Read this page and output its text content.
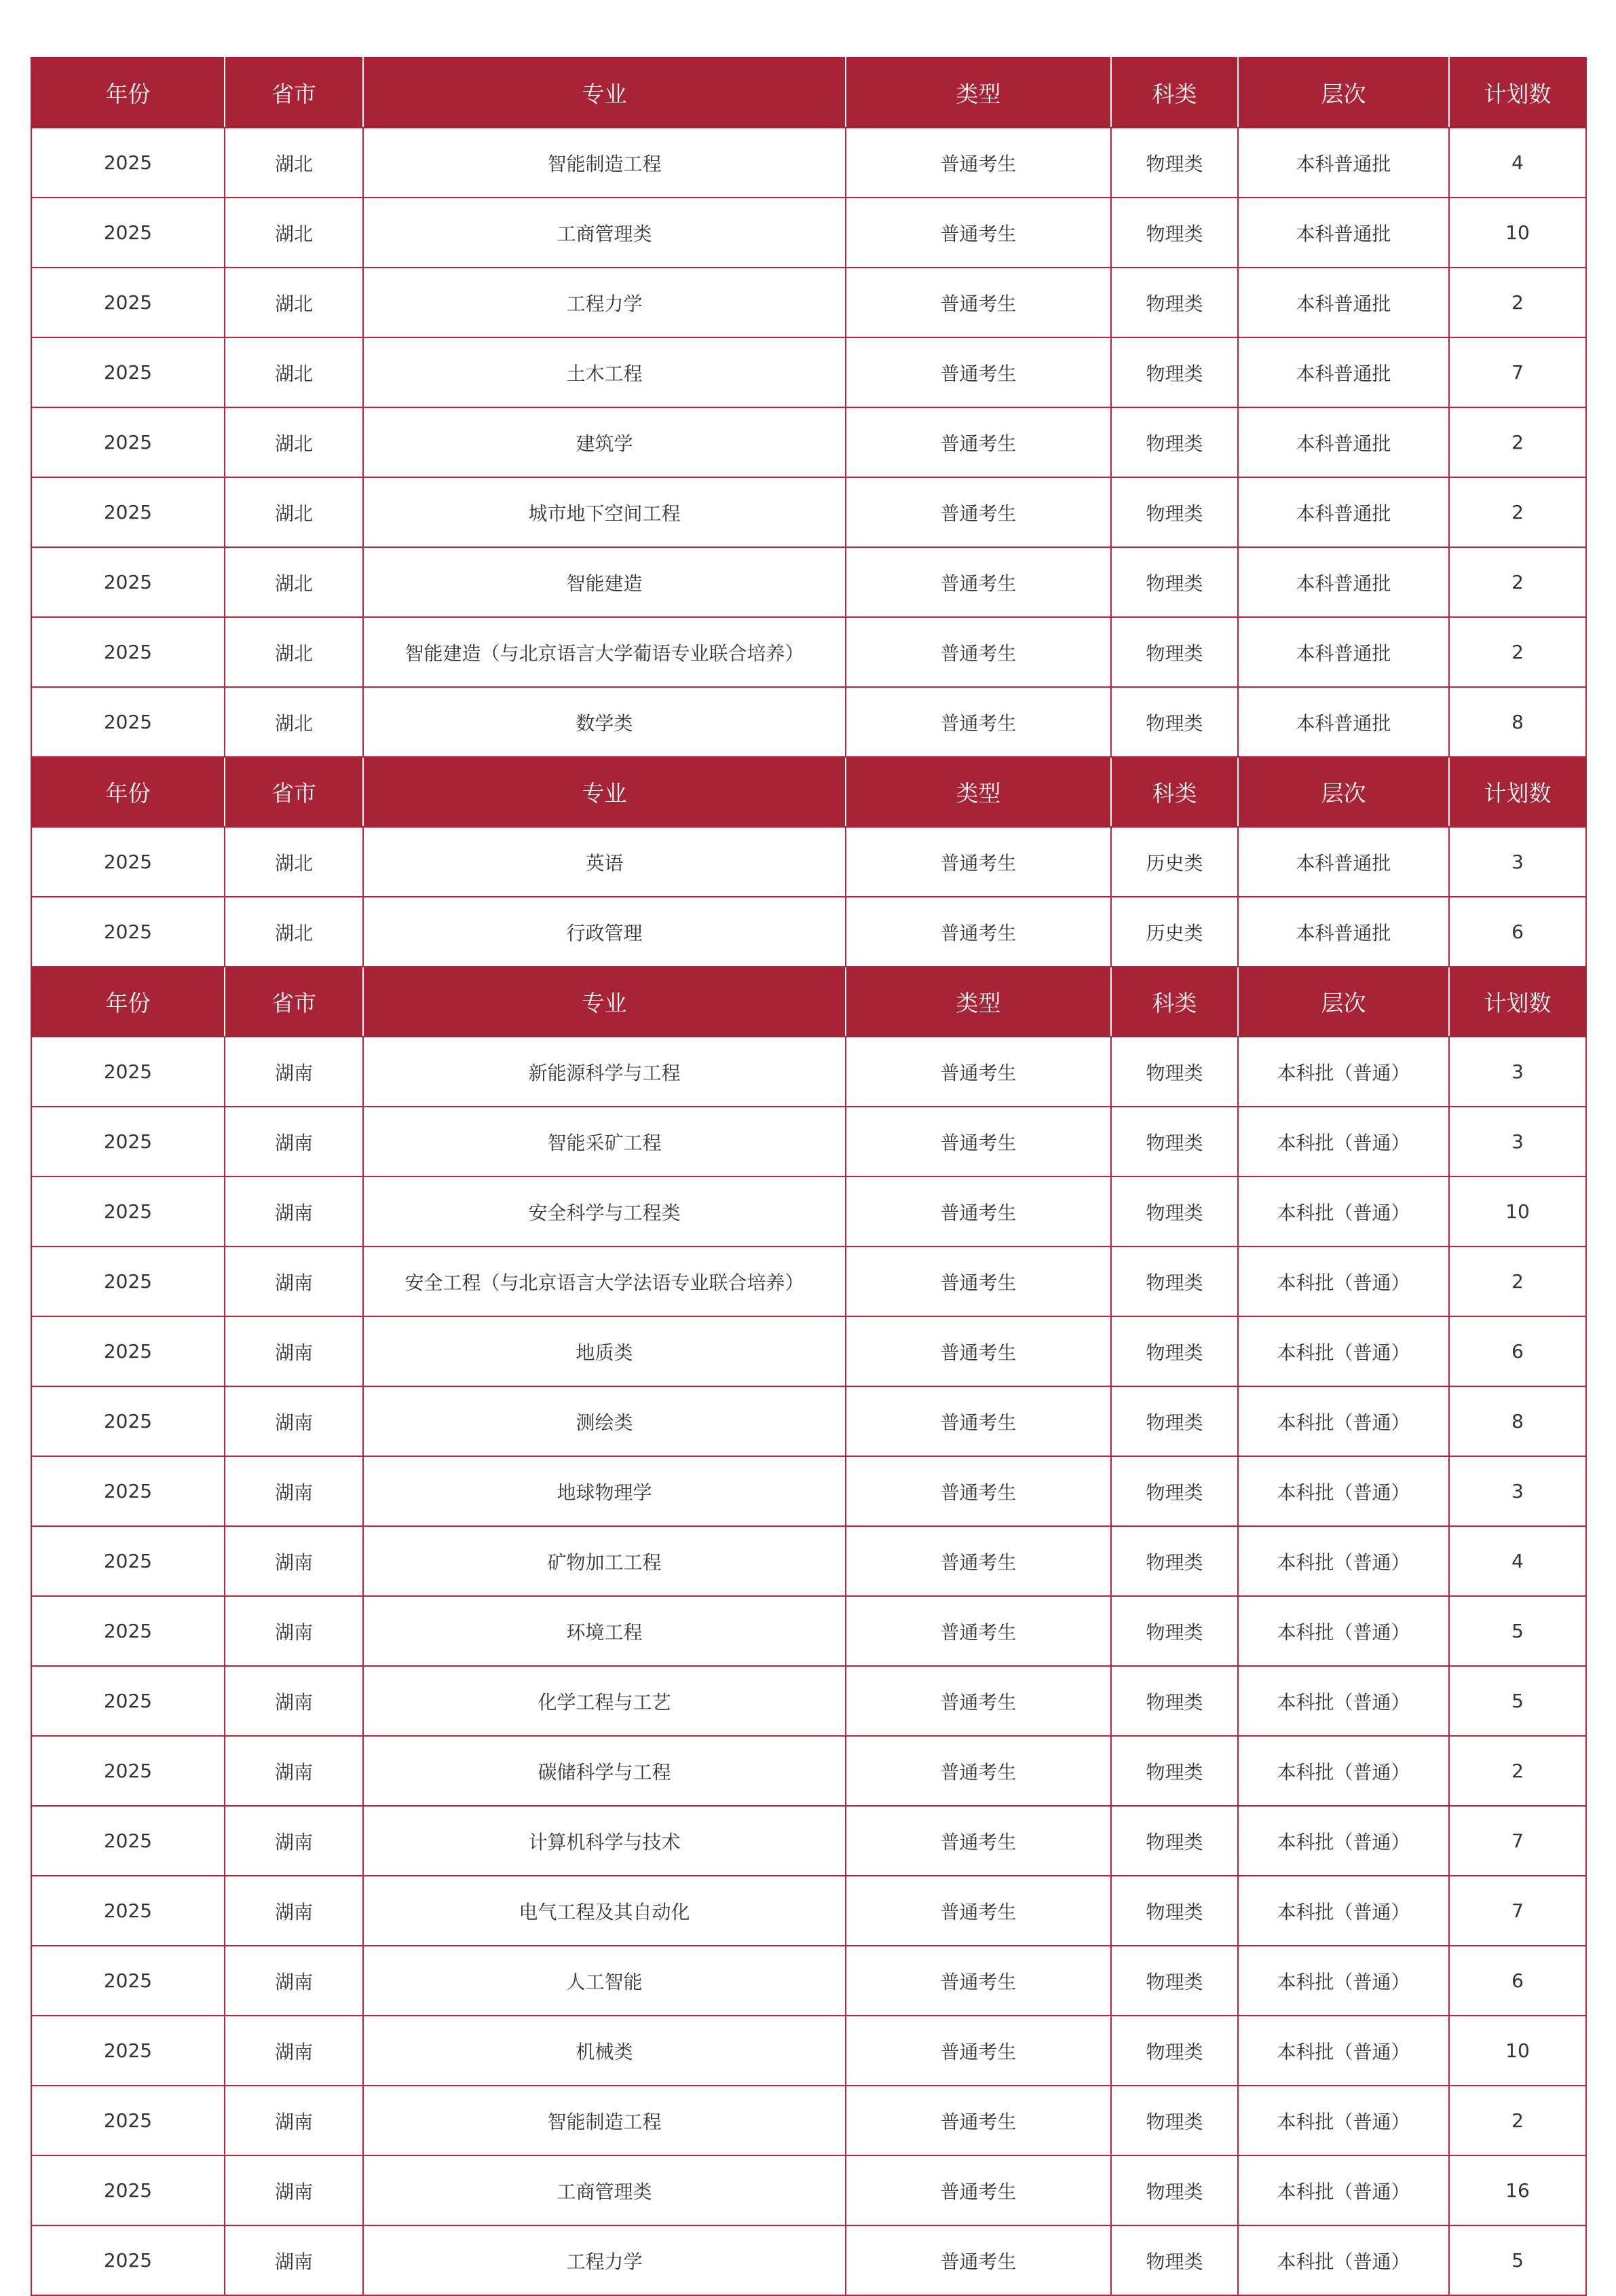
年份	省市	专业	类型	科类	层次	计划数
2025	湖北	智能制造工程	普通考生	物理类	本科普通批	4
2025	湖北	工商管理类	普通考生	物理类	本科普通批	10
2025	湖北	工程力学	普通考生	物理类	本科普通批	2
2025	湖北	土木工程	普通考生	物理类	本科普通批	7
2025	湖北	建筑学	普通考生	物理类	本科普通批	2
2025	湖北	城市地下空间工程	普通考生	物理类	本科普通批	2
2025	湖北	智能建造	普通考生	物理类	本科普通批	2
2025	湖北	智能建造（与北京语言大学葡语专业联合培养）	普通考生	物理类	本科普通批	2
2025	湖北	数学类	普通考生	物理类	本科普通批	8
年份	省市	专业	类型	科类	层次	计划数
2025	湖北	英语	普通考生	历史类	本科普通批	3
2025	湖北	行政管理	普通考生	历史类	本科普通批	6
年份	省市	专业	类型	科类	层次	计划数
2025	湖南	新能源科学与工程	普通考生	物理类	本科批（普通）	3
2025	湖南	智能采矿工程	普通考生	物理类	本科批（普通）	3
2025	湖南	安全科学与工程类	普通考生	物理类	本科批（普通）	10
2025	湖南	安全工程（与北京语言大学法语专业联合培养）	普通考生	物理类	本科批（普通）	2
2025	湖南	地质类	普通考生	物理类	本科批（普通）	6
2025	湖南	测绘类	普通考生	物理类	本科批（普通）	8
2025	湖南	地球物理学	普通考生	物理类	本科批（普通）	3
2025	湖南	矿物加工工程	普通考生	物理类	本科批（普通）	4
2025	湖南	环境工程	普通考生	物理类	本科批（普通）	5
2025	湖南	化学工程与工艺	普通考生	物理类	本科批（普通）	5
2025	湖南	碳储科学与工程	普通考生	物理类	本科批（普通）	2
2025	湖南	计算机科学与技术	普通考生	物理类	本科批（普通）	7
2025	湖南	电气工程及其自动化	普通考生	物理类	本科批（普通）	7
2025	湖南	人工智能	普通考生	物理类	本科批（普通）	6
2025	湖南	机械类	普通考生	物理类	本科批（普通）	10
2025	湖南	智能制造工程	普通考生	物理类	本科批（普通）	2
2025	湖南	工商管理类	普通考生	物理类	本科批（普通）	16
2025	湖南	工程力学	普通考生	物理类	本科批（普通）	5
